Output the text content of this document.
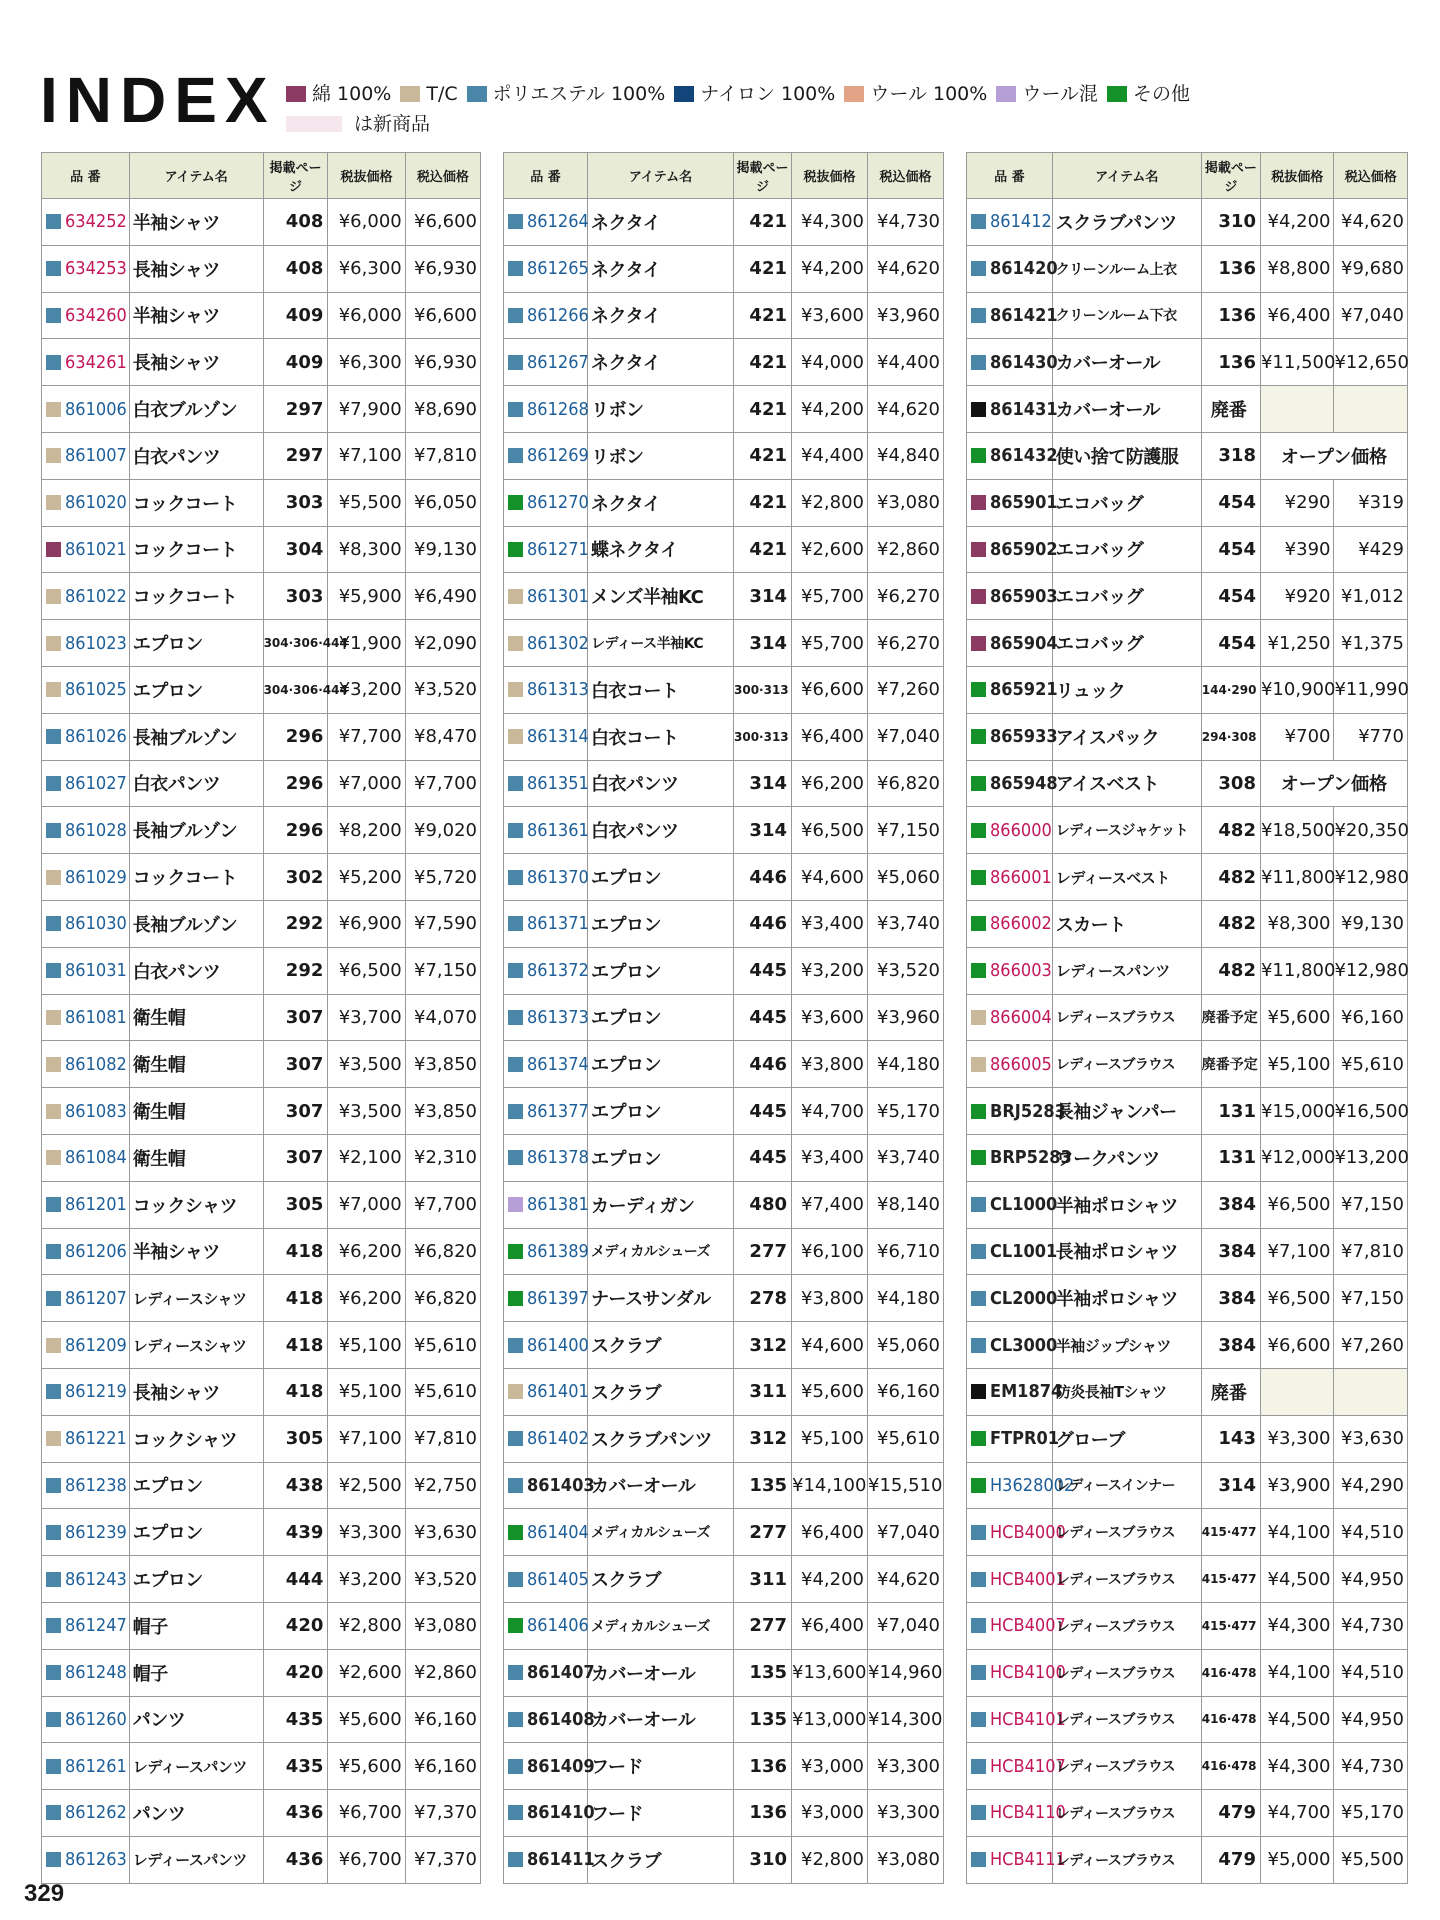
INDEX	綿 100% T/C ポリエステル 100% ナイロン 100% ウール 100% ウール混 その他
は新商品
品 番	アイテム名	掲載ページ	税抜価格	税込価格
634252	半袖シャツ	408	¥6,000	¥6,600
634253	長袖シャツ	408	¥6,300	¥6,930
634260	半袖シャツ	409	¥6,000	¥6,600
634261	長袖シャツ	409	¥6,300	¥6,930
861006	白衣ブルゾン	297	¥7,900	¥8,690
861007	白衣パンツ	297	¥7,100	¥7,810
861020	コックコート	303	¥5,500	¥6,050
861021	コックコート	304	¥8,300	¥9,130
861022	コックコート	303	¥5,900	¥6,490
861023	エプロン	304·306·444	¥1,900	¥2,090
861025	エプロン	304·306·444	¥3,200	¥3,520
861026	長袖ブルゾン	296	¥7,700	¥8,470
861027	白衣パンツ	296	¥7,000	¥7,700
861028	長袖ブルゾン	296	¥8,200	¥9,020
861029	コックコート	302	¥5,200	¥5,720
861030	長袖ブルゾン	292	¥6,900	¥7,590
861031	白衣パンツ	292	¥6,500	¥7,150
861081	衛生帽	307	¥3,700	¥4,070
861082	衛生帽	307	¥3,500	¥3,850
861083	衛生帽	307	¥3,500	¥3,850
861084	衛生帽	307	¥2,100	¥2,310
861201	コックシャツ	305	¥7,000	¥7,700
861206	半袖シャツ	418	¥6,200	¥6,820
861207	レディースシャツ	418	¥6,200	¥6,820
861209	レディースシャツ	418	¥5,100	¥5,610
861219	長袖シャツ	418	¥5,100	¥5,610
861221	コックシャツ	305	¥7,100	¥7,810
861238	エプロン	438	¥2,500	¥2,750
861239	エプロン	439	¥3,300	¥3,630
861243	エプロン	444	¥3,200	¥3,520
861247	帽子	420	¥2,800	¥3,080
861248	帽子	420	¥2,600	¥2,860
861260	パンツ	435	¥5,600	¥6,160
861261	レディースパンツ	435	¥5,600	¥6,160
861262	パンツ	436	¥6,700	¥7,370
861263	レディースパンツ	436	¥6,700	¥7,370
品 番	アイテム名	掲載ページ	税抜価格	税込価格
861264	ネクタイ	421	¥4,300	¥4,730
861265	ネクタイ	421	¥4,200	¥4,620
861266	ネクタイ	421	¥3,600	¥3,960
861267	ネクタイ	421	¥4,000	¥4,400
861268	リボン	421	¥4,200	¥4,620
861269	リボン	421	¥4,400	¥4,840
861270	ネクタイ	421	¥2,800	¥3,080
861271	蝶ネクタイ	421	¥2,600	¥2,860
861301	メンズ半袖KC	314	¥5,700	¥6,270
861302	レディース半袖KC	314	¥5,700	¥6,270
861313	白衣コート	300·313	¥6,600	¥7,260
861314	白衣コート	300·313	¥6,400	¥7,040
861351	白衣パンツ	314	¥6,200	¥6,820
861361	白衣パンツ	314	¥6,500	¥7,150
861370	エプロン	446	¥4,600	¥5,060
861371	エプロン	446	¥3,400	¥3,740
861372	エプロン	445	¥3,200	¥3,520
861373	エプロン	445	¥3,600	¥3,960
861374	エプロン	446	¥3,800	¥4,180
861377	エプロン	445	¥4,700	¥5,170
861378	エプロン	445	¥3,400	¥3,740
861381	カーディガン	480	¥7,400	¥8,140
861389	メディカルシューズ	277	¥6,100	¥6,710
861397	ナースサンダル	278	¥3,800	¥4,180
861400	スクラブ	312	¥4,600	¥5,060
861401	スクラブ	311	¥5,600	¥6,160
861402	スクラブパンツ	312	¥5,100	¥5,610
861403	カバーオール	135	¥14,100	¥15,510
861404	メディカルシューズ	277	¥6,400	¥7,040
861405	スクラブ	311	¥4,200	¥4,620
861406	メディカルシューズ	277	¥6,400	¥7,040
861407	カバーオール	135	¥13,600	¥14,960
861408	カバーオール	135	¥13,000	¥14,300
861409	フード	136	¥3,000	¥3,300
861410	フード	136	¥3,000	¥3,300
861411	スクラブ	310	¥2,800	¥3,080
品 番	アイテム名	掲載ページ	税抜価格	税込価格
861412	スクラブパンツ	310	¥4,200	¥4,620
861420	クリーンルーム上衣	136	¥8,800	¥9,680
861421	クリーンルーム下衣	136	¥6,400	¥7,040
861430	カバーオール	136	¥11,500	¥12,650
861431	カバーオール	廃番		
861432	使い捨て防護服	318	オープン価格	
865901	エコバッグ	454	¥290	¥319
865902	エコバッグ	454	¥390	¥429
865903	エコバッグ	454	¥920	¥1,012
865904	エコバッグ	454	¥1,250	¥1,375
865921	リュック	144·290	¥10,900	¥11,990
865933	アイスパック	294·308	¥700	¥770
865948	アイスベスト	308	オープン価格	
866000	レディースジャケット	482	¥18,500	¥20,350
866001	レディースベスト	482	¥11,800	¥12,980
866002	スカート	482	¥8,300	¥9,130
866003	レディースパンツ	482	¥11,800	¥12,980
866004	レディースブラウス	廃番予定	¥5,600	¥6,160
866005	レディースブラウス	廃番予定	¥5,100	¥5,610
BRJ5283	長袖ジャンパー	131	¥15,000	¥16,500
BRP5283	ワークパンツ	131	¥12,000	¥13,200
CL1000	半袖ポロシャツ	384	¥6,500	¥7,150
CL1001	長袖ポロシャツ	384	¥7,100	¥7,810
CL2000	半袖ポロシャツ	384	¥6,500	¥7,150
CL3000	半袖ジップシャツ	384	¥6,600	¥7,260
EM1874	防炎長袖Tシャツ	廃番		
FTPR01	グローブ	143	¥3,300	¥3,630
H3628002	レディースインナー	314	¥3,900	¥4,290
HCB4000	レディースブラウス	415·477	¥4,100	¥4,510
HCB4001	レディースブラウス	415·477	¥4,500	¥4,950
HCB4007	レディースブラウス	415·477	¥4,300	¥4,730
HCB4100	レディースブラウス	416·478	¥4,100	¥4,510
HCB4101	レディースブラウス	416·478	¥4,500	¥4,950
HCB4107	レディースブラウス	416·478	¥4,300	¥4,730
HCB4110	レディースブラウス	479	¥4,700	¥5,170
HCB4111	レディースブラウス	479	¥5,000	¥5,500
329
